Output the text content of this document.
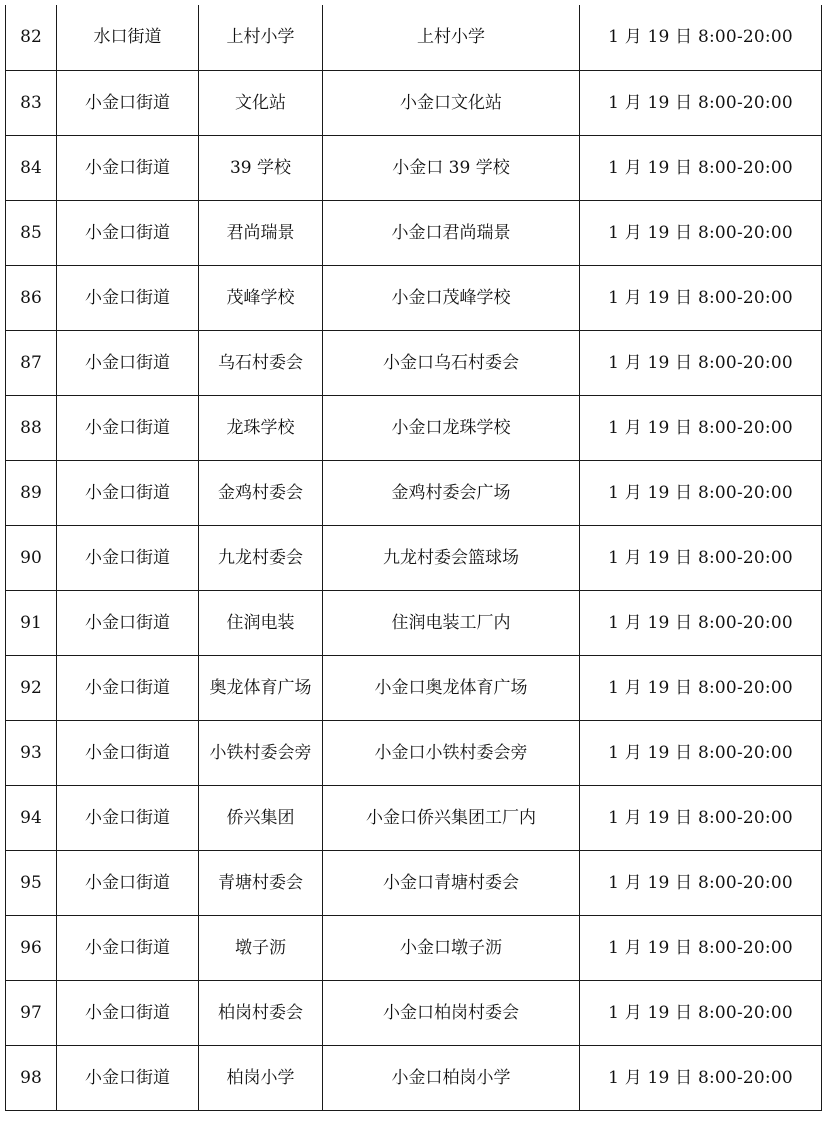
82	水口街道	上村小学	上村小学	1 月 19 日 8:00-20:00
83	小金口街道	文化站	小金口文化站	1 月 19 日 8:00-20:00
84	小金口街道	39 学校	小金口 39 学校	1 月 19 日 8:00-20:00
85	小金口街道	君尚瑞景	小金口君尚瑞景	1 月 19 日 8:00-20:00
86	小金口街道	茂峰学校	小金口茂峰学校	1 月 19 日 8:00-20:00
87	小金口街道	乌石村委会	小金口乌石村委会	1 月 19 日 8:00-20:00
88	小金口街道	龙珠学校	小金口龙珠学校	1 月 19 日 8:00-20:00
89	小金口街道	金鸡村委会	金鸡村委会广场	1 月 19 日 8:00-20:00
90	小金口街道	九龙村委会	九龙村委会篮球场	1 月 19 日 8:00-20:00
91	小金口街道	住润电装	住润电装工厂内	1 月 19 日 8:00-20:00
92	小金口街道	奥龙体育广场	小金口奥龙体育广场	1 月 19 日 8:00-20:00
93	小金口街道	小铁村委会旁	小金口小铁村委会旁	1 月 19 日 8:00-20:00
94	小金口街道	侨兴集团	小金口侨兴集团工厂内	1 月 19 日 8:00-20:00
95	小金口街道	青塘村委会	小金口青塘村委会	1 月 19 日 8:00-20:00
96	小金口街道	墩子沥	小金口墩子沥	1 月 19 日 8:00-20:00
97	小金口街道	柏岗村委会	小金口柏岗村委会	1 月 19 日 8:00-20:00
98	小金口街道	柏岗小学	小金口柏岗小学	1 月 19 日 8:00-20:00
